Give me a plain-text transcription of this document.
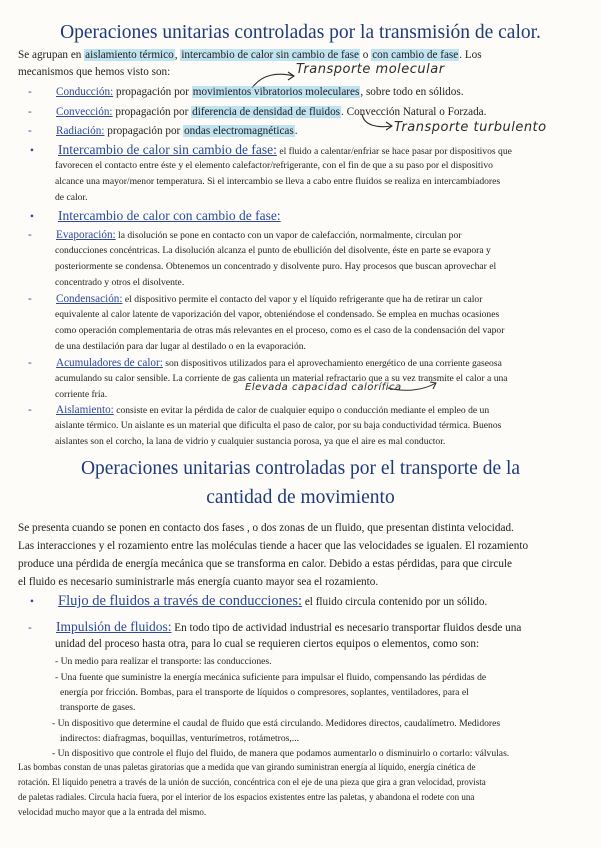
Operaciones unitarias controladas por la transmisión de calor.
Se agrupan en aislamiento térmico, intercambio de calor sin cambio de fase o con cambio de fase. Los
mecanismos que hemos visto son:	Transporte molecular
- Conducción: propagación por movimientos vibratorios moleculares, sobre todo en sólidos.
- Convección: propagación por diferencia de densidad de fluidos. Convección Natural o Forzada.
Transporte turbulento
- Radiación: propagación por ondas electromagnéticas.
• Intercambio de calor sin cambio de fase: el fluido a calentar/enfriar se hace pasar por dispositivos que
favorecen el contacto entre éste y el elemento calefactor/refrigerante, con el fin de que a su paso por el dispositivo
alcance una mayor/menor temperatura. Si el intercambio se lleva a cabo entre fluidos se realiza en intercambiadores
de calor.
• Intercambio de calor con cambio de fase:
- Evaporación: la disolución se pone en contacto con un vapor de calefacción, normalmente, circulan por
conducciones concéntricas. La disolución alcanza el punto de ebullición del disolvente, éste en parte se evapora y
posteriormente se condensa. Obtenemos un concentrado y disolvente puro. Hay procesos que buscan aprovechar el
concentrado y otros el disolvente.
- Condensación: el dispositivo permite el contacto del vapor y el líquido refrigerante que ha de retirar un calor
equivalente al calor latente de vaporización del vapor, obteniéndose el condensado. Se emplea en muchas ocasiones
como operación complementaria de otras más relevantes en el proceso, como es el caso de la condensación del vapor
de una destilación para dar lugar al destilado o en la evaporación.
- Acumuladores de calor: son dispositivos utilizados para el aprovechamiento energético de una corriente gaseosa
acumulando su calor sensible. La corriente de gas calienta un material refractario que a su vez transmite el calor a una
corriente fría.
Elevada capacidad calorífica
- Aislamiento: consiste en evitar la pérdida de calor de cualquier equipo o conducción mediante el empleo de un
aislante térmico. Un aislante es un material que dificulta el paso de calor, por su baja conductividad térmica. Buenos
aislantes son el corcho, la lana de vidrio y cualquier sustancia porosa, ya que el aire es mal conductor.
Operaciones unitarias controladas por el transporte de la
cantidad de movimiento
Se presenta cuando se ponen en contacto dos fases , o dos zonas de un fluido, que presentan distinta velocidad.
Las interacciones y el rozamiento entre las moléculas tiende a hacer que las velocidades se igualen. El rozamiento
produce una pérdida de energía mecánica que se transforma en calor. Debido a estas pérdidas, para que circule
el fluido es necesario suministrarle más energía cuanto mayor sea el rozamiento.
• Flujo de fluidos a través de conducciones: el fluido circula contenido por un sólido.
- Impulsión de fluidos: En todo tipo de actividad industrial es necesario transportar fluidos desde una
unidad del proceso hasta otra, para lo cual se requieren ciertos equipos o elementos, como son:
- Un medio para realizar el transporte: las conducciones.
- Una fuente que suministre la energía mecánica suficiente para impulsar el fluido, compensando las pérdidas de
energía por fricción. Bombas, para el transporte de líquidos o compresores, soplantes, ventiladores, para el
transporte de gases.
- Un dispositivo que determine el caudal de fluido que está circulando. Medidores directos, caudalímetro. Medidores
indirectos: diafragmas, boquillas, venturímetros, rotámetros,...
- Un dispositivo que controle el flujo del fluido, de manera que podamos aumentarlo o disminuirlo o cortarlo: válvulas.
Las bombas constan de unas paletas giratorias que a medida que van girando suministran energía al líquido, energía cinética de
rotación. El líquido penetra a través de la unión de succión, concéntrica con el eje de una pieza que gira a gran velocidad, provista
de paletas radiales. Circula hacia fuera, por el interior de los espacios existentes entre las paletas, y abandona el rodete con una
velocidad mucho mayor que a la entrada del mismo.
